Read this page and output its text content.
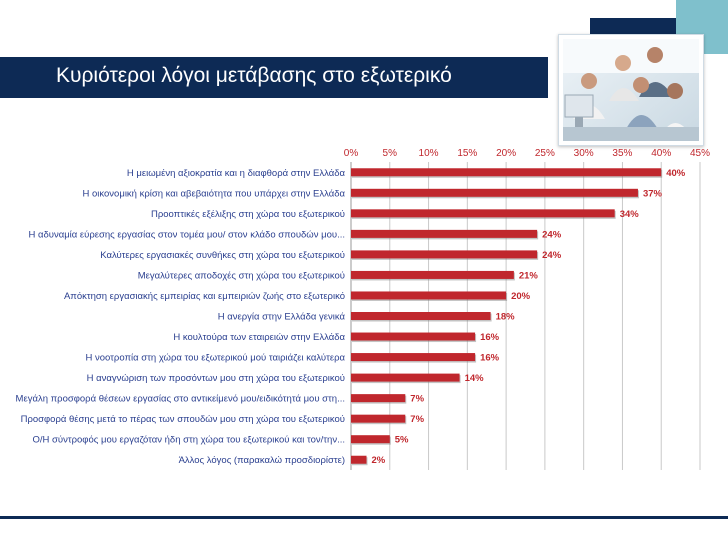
Κυριότεροι λόγοι μετάβασης στο εξωτερικό
0% 5% 10% 15% 20% 25% 30% 35% 40% 45%
Η μειωμένη αξιοκρατία και η διαφθορά στην Ελλάδα	40%
Η οικονομική κρίση και αβεβαιότητα που υπάρχει στην Ελλάδα	37%
Προοπτικές εξέλιξης στη χώρα του εξωτερικού	34%
Η αδυναμία εύρεσης εργασίας στον τομέα μου/ στον κλάδο σπουδών μου...	24%
Καλύτερες εργασιακές συνθήκες στη χώρα του εξωτερικού	24%
Μεγαλύτερες αποδοχές στη χώρα του εξωτερικού	21%
Απόκτηση εργασιακής εμπειρίας και εμπειριών ζωής στο εξωτερικό	20%
Η ανεργία στην Ελλάδα γενικά	18%
Η κουλτούρα των εταιρειών στην Ελλάδα	16%
Η νοοτροπία στη χώρα του εξωτερικού μού ταιριάζει καλύτερα	16%
Η αναγνώριση των προσόντων μου στη χώρα του εξωτερικού	14%
Μεγάλη προσφορά θέσεων εργασίας στο αντικείμενό μου/ειδικότητά μου στη...	7%
Προσφορά θέσης μετά το πέρας των σπουδών μου στη χώρα του εξωτερικού	7%
Ο/Η σύντροφός μου εργαζόταν ήδη στη χώρα του εξωτερικού και τον/την...	5%
Άλλος λόγος (παρακαλώ προσδιορίστε)	2%
